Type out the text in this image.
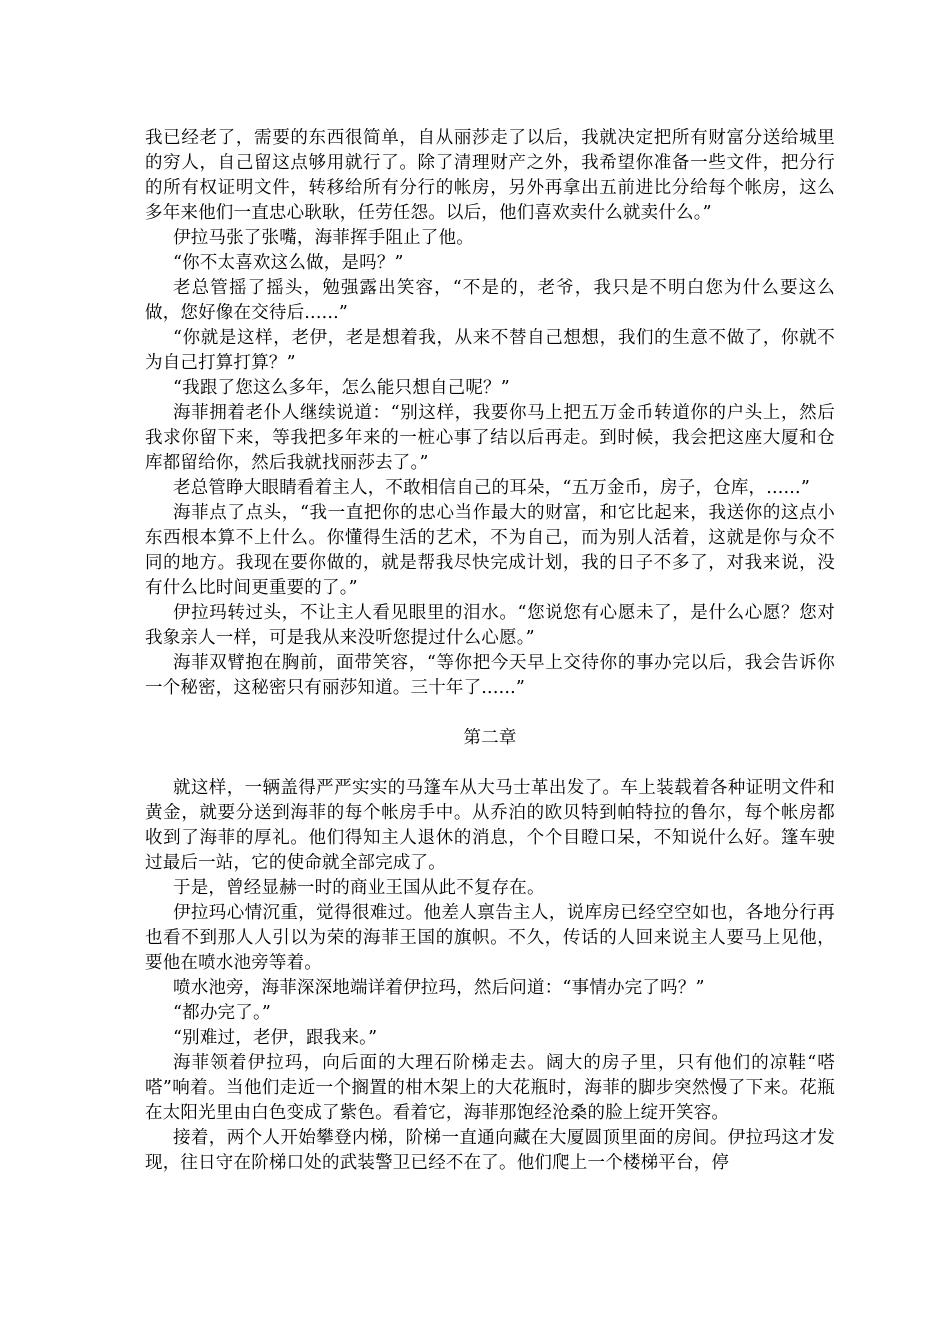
我已经老了，需要的东西很简单，自从丽莎走了以后，我就决定把所有财富分送给城里的穷人，自己留这点够用就行了。除了清理财产之外，我希望你准备一些文件，把分行的所有权证明文件，转移给所有分行的帐房，另外再拿出五前进比分给每个帐房，这么多年来他们一直忠心耿耿，任劳任怨。以后，他们喜欢卖什么就卖什么。”

伊拉马张了张嘴，海菲挥手阻止了他。

“你不太喜欢这么做，是吗？”

老总管摇了摇头，勉强露出笑容，“不是的，老爷，我只是不明白您为什么要这么做，您好像在交待后......”

“你就是这样，老伊，老是想着我，从来不替自己想想，我们的生意不做了，你就不为自己打算打算？”

“我跟了您这么多年，怎么能只想自己呢？”

海菲拥着老仆人继续说道：“别这样，我要你马上把五万金币转道你的户头上，然后我求你留下来，等我把多年来的一桩心事了结以后再走。到时候，我会把这座大厦和仓库都留给你，然后我就找丽莎去了。”

老总管睁大眼睛看着主人，不敢相信自己的耳朵，“五万金币，房子，仓库，......”

海菲点了点头，“我一直把你的忠心当作最大的财富，和它比起来，我送你的这点小东西根本算不上什么。你懂得生活的艺术，不为自己，而为别人活着，这就是你与众不同的地方。我现在要你做的，就是帮我尽快完成计划，我的日子不多了，对我来说，没有什么比时间更重要的了。”

伊拉玛转过头，不让主人看见眼里的泪水。“您说您有心愿未了，是什么心愿？您对我象亲人一样，可是我从来没听您提过什么心愿。”

海菲双臂抱在胸前，面带笑容，“等你把今天早上交待你的事办完以后，我会告诉你一个秘密，这秘密只有丽莎知道。三十年了......”

第二章

就这样，一辆盖得严严实实的马篷车从大马士革出发了。车上装载着各种证明文件和黄金，就要分送到海菲的每个帐房手中。从乔泊的欧贝特到帕特拉的鲁尔，每个帐房都收到了海菲的厚礼。他们得知主人退休的消息，个个目瞪口呆，不知说什么好。篷车驶过最后一站，它的使命就全部完成了。

于是，曾经显赫一时的商业王国从此不复存在。

伊拉玛心情沉重，觉得很难过。他差人禀告主人，说库房已经空空如也，各地分行再也看不到那人人引以为荣的海菲王国的旗帜。不久，传话的人回来说主人要马上见他，要他在喷水池旁等着。

喷水池旁，海菲深深地端详着伊拉玛，然后问道：“事情办完了吗？”

“都办完了。”

“别难过，老伊，跟我来。”

海菲领着伊拉玛，向后面的大理石阶梯走去。阔大的房子里，只有他们的凉鞋“嗒嗒”响着。当他们走近一个搁置的柑木架上的大花瓶时，海菲的脚步突然慢了下来。花瓶在太阳光里由白色变成了紫色。看着它，海菲那饱经沧桑的脸上绽开笑容。

接着，两个人开始攀登内梯，阶梯一直通向藏在大厦圆顶里面的房间。伊拉玛这才发现，往日守在阶梯口处的武装警卫已经不在了。他们爬上一个楼梯平台，停
